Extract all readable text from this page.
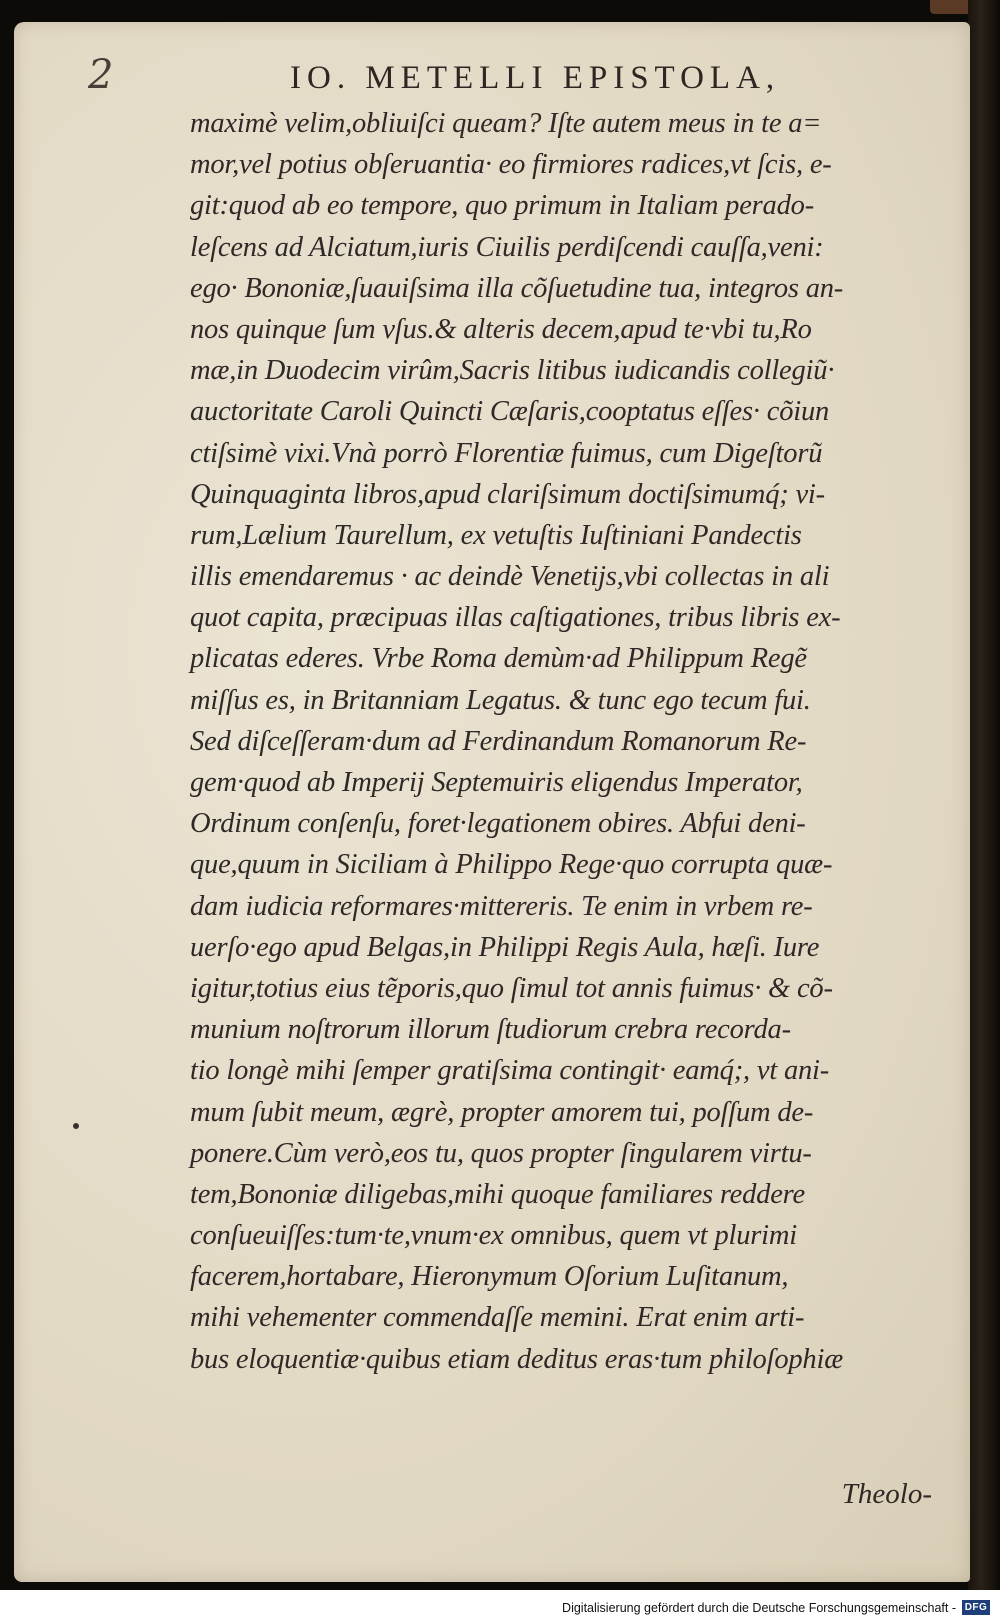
2	IO. METELLI EPISTOLA,
maximè velim,obliuiſci queam? Iſte autem meus in te a=
mor,vel potius obſeruantia· eo firmiores radices,vt ſcis, e-
git:quod ab eo tempore, quo primum in Italiam perado-
leſcens ad Alciatum,iuris Ciuilis perdiſcendi cauſſa,veni:
ego· Bononiæ,ſuauiſsima illa cõſuetudine tua, integros an-
nos quinque ſum vſus.& alteris decem,apud te·vbi tu,Ro
mæ,in Duodecim virûm,Sacris litibus iudicandis collegiũ·
auctoritate Caroli Quincti Cæſaris,cooptatus eſſes· cõiun
ctiſsimè vixi.Vnà porrò Florentiæ fuimus, cum Digeſtorũ
Quinquaginta libros,apud clariſsimum doctiſsimumq́; vi-
rum,Lælium Taurellum, ex vetuſtis Iuſtiniani Pandectis
illis emendaremus · ac deindè Venetijs,vbi collectas in ali
quot capita, præcipuas illas caſtigationes, tribus libris ex-
plicatas ederes. Vrbe Roma demùm·ad Philippum Regẽ
miſſus es, in Britanniam Legatus. & tunc ego tecum fui.
Sed diſceſſeram·dum ad Ferdinandum Romanorum Re-
gem·quod ab Imperij Septemuiris eligendus Imperator,
Ordinum conſenſu, foret·legationem obires. Abfui deni-
que,quum in Siciliam à Philippo Rege·quo corrupta quæ-
dam iudicia reformares·mittereris. Te enim in vrbem re-
uerſo·ego apud Belgas,in Philippi Regis Aula, hæſi. Iure
igitur,totius eius tẽporis,quo ſimul tot annis fuimus· & cõ-
munium noſtrorum illorum ſtudiorum crebra recorda-
tio longè mihi ſemper gratiſsima contingit· eamq́;, vt ani-
mum ſubit meum, ægrè, propter amorem tui, poſſum de-
ponere.Cùm verò,eos tu, quos propter ſingularem virtu-
tem,Bononiæ diligebas,mihi quoque familiares reddere
conſueuiſſes:tum·te,vnum·ex omnibus, quem vt plurimi
facerem,hortabare, Hieronymum Oſorium Luſitanum,
mihi vehementer commendaſſe memini. Erat enim arti-
bus eloquentiæ·quibus etiam deditus eras·tum philoſophiæ
Theolo-
Digitalisierung gefördert durch die Deutsche Forschungsgemeinschaft - DFG
